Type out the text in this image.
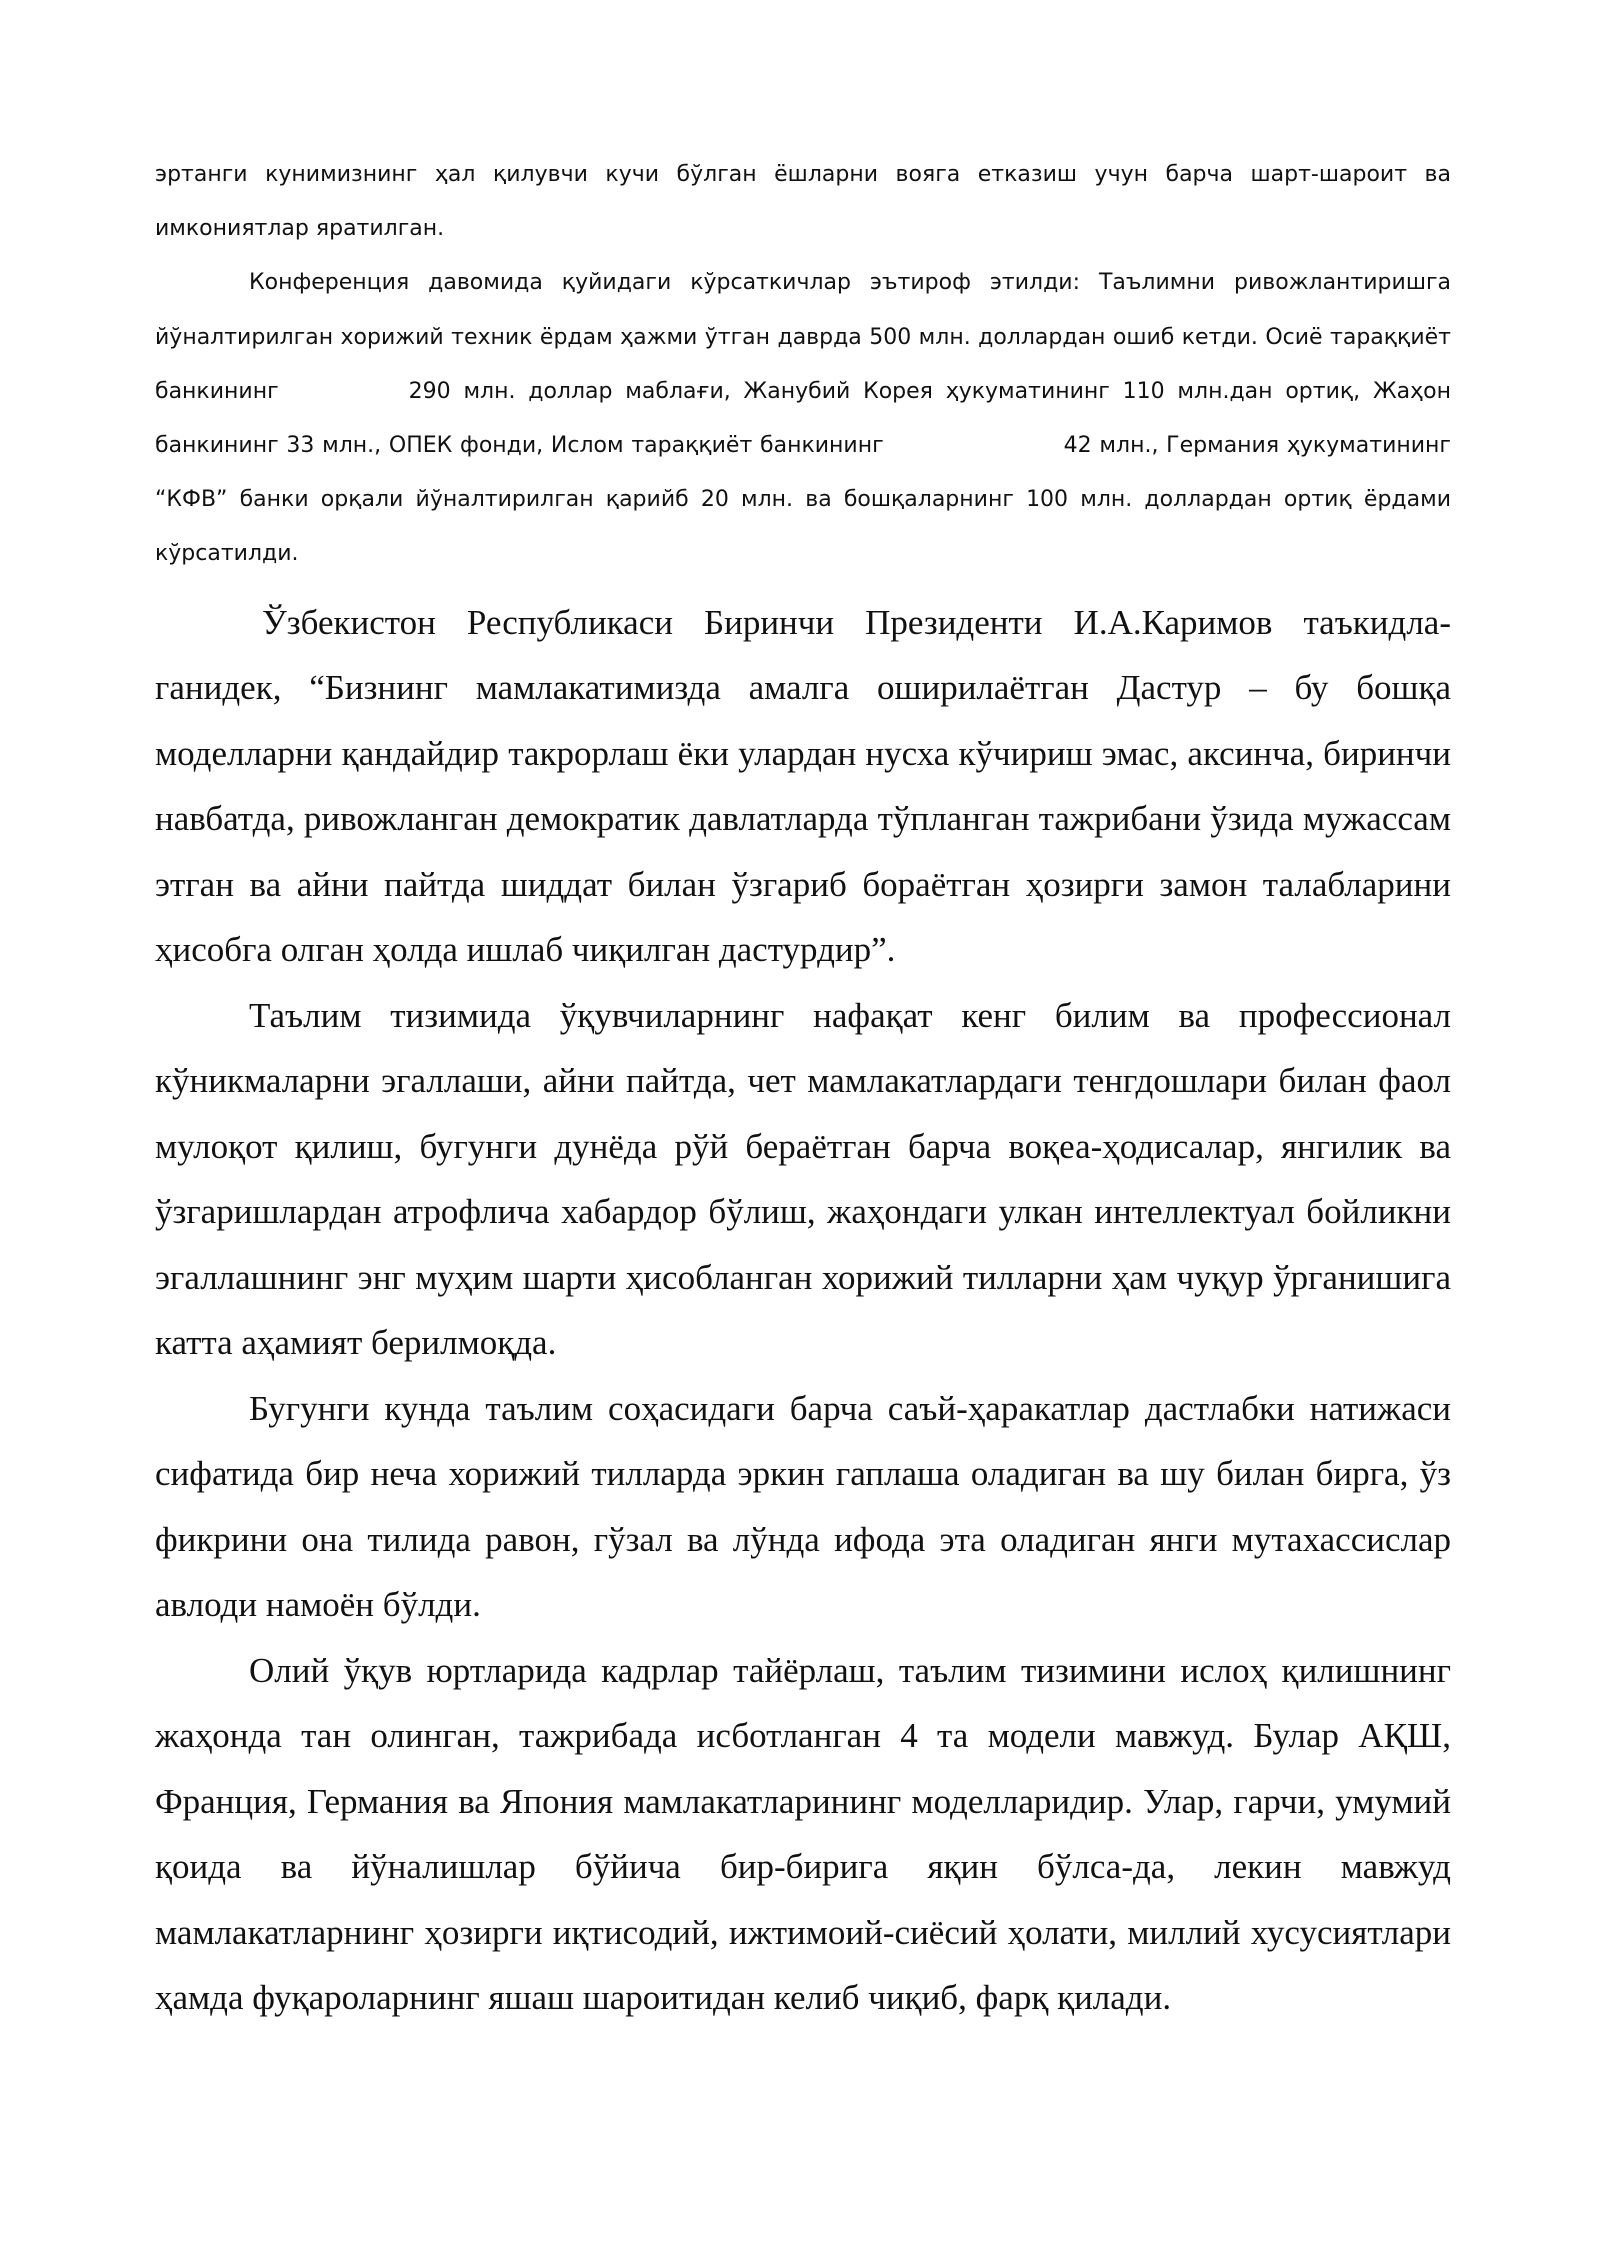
эртанги кунимизнинг ҳал қилувчи кучи бўлган ёшларни вояга етказиш учун барча шарт-шароит ва имкониятлар яратилган.

Конференция давомида қуйидаги кўрсаткичлар эътироф этилди: Таълимни ривожлантиришга йўналтирилган хорижий техник ёрдам ҳажми ўтган даврда 500 млн. доллардан ошиб кетди. Осиё тараққиёт банкининг	290 млн. доллар маблағи, Жанубий Корея ҳукуматининг 110 млн.дан ортиқ, Жаҳон банкининг 33 млн., ОПЕК фонди, Ислом тараққиёт банкининг	42 млн., Германия ҳукуматининг “КФВ” банки орқали йўналтирилган қарийб 20 млн. ва бошқаларнинг 100 млн. доллардан ортиқ ёрдами кўрсатилди.

Ўзбекистон Республикаси Биринчи Президенти И.А.Каримов таъкидла-ганидек, “Бизнинг мамлакатимизда амалга оширилаётган Дастур – бу бошқа моделларни қандайдир такрорлаш ёки улардан нусха кўчириш эмас, аксинча, биринчи навбатда, ривожланган демократик давлатларда тўпланган тажрибани ўзида мужассам этган ва айни пайтда шиддат билан ўзгариб бораётган ҳозирги замон талабларини ҳисобга олган ҳолда ишлаб чиқилган дастурдир”.

Таълим тизимида ўқувчиларнинг нафақат кенг билим ва профессионал кўникмаларни эгаллаши, айни пайтда, чет мамлакатлардаги тенгдошлари билан фаол мулоқот қилиш, бугунги дунёда рўй бераётган барча воқеа-ҳодисалар, янгилик ва ўзгаришлардан атрофлича хабардор бўлиш, жаҳондаги улкан интеллектуал бойликни эгаллашнинг энг муҳим шарти ҳисобланган хорижий тилларни ҳам чуқур ўрганишига катта аҳамият берилмоқда.

Бугунги кунда таълим соҳасидаги барча саъй-ҳаракатлар дастлабки натижаси сифатида бир неча хорижий тилларда эркин гаплаша оладиган ва шу билан бирга, ўз фикрини она тилида равон, гўзал ва лўнда ифода эта оладиган янги мутахассислар авлоди намоён бўлди.

Олий ўқув юртларида кадрлар тайёрлаш, таълим тизимини ислоҳ қилишнинг жаҳонда тан олинган, тажрибада исботланган 4 та модели мавжуд. Булар АҚШ, Франция, Германия ва Япония мамлакатларининг моделларидир. Улар, гарчи, умумий қоида ва йўналишлар бўйича бир-бирига яқин бўлса-да, лекин мавжуд мамлакатларнинг ҳозирги иқтисодий, ижтимоий-сиёсий ҳолати, миллий хусусиятлари ҳамда фуқароларнинг яшаш шароитидан келиб чиқиб, фарқ қилади.
